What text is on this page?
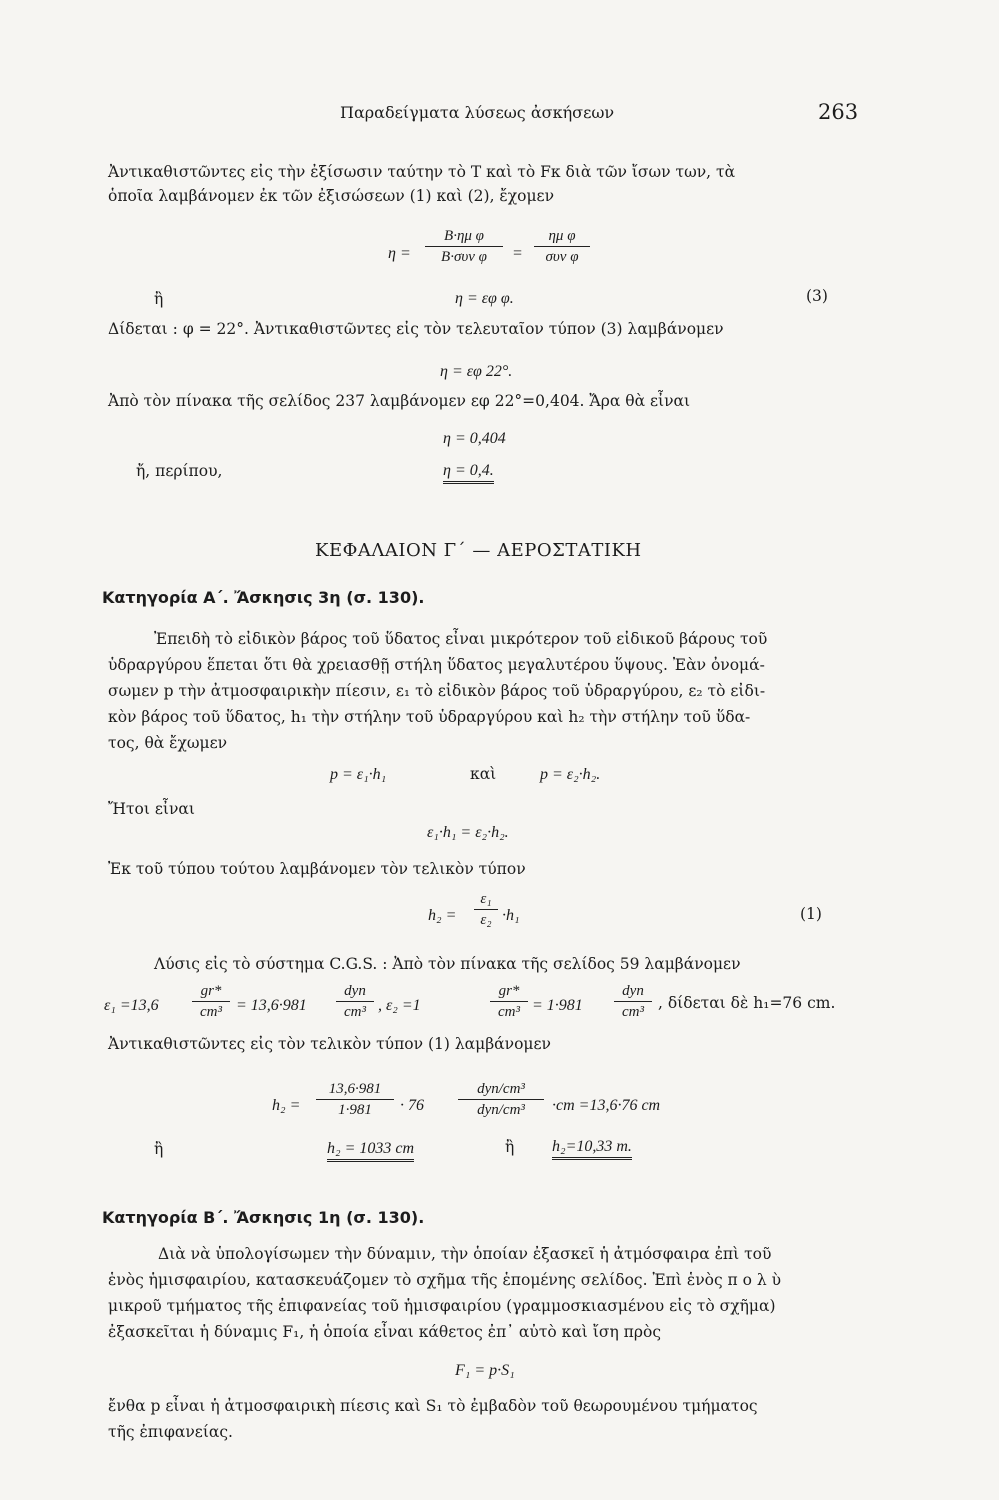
Παραδείγματα λύσεως ἀσκήσεων	263
Ἀντικαθιστῶντες εἰς τὴν ἐξίσωσιν ταύτην τὸ T καὶ τὸ Fκ διὰ τῶν ἴσων των, τὰ
ὁποῖα λαμβάνομεν ἐκ τῶν ἐξισώσεων (1) καὶ (2), ἔχομεν
η =
B·ημ φ
B·συν φ	=
ημ φ
συν φ
ἢ	η = εφ φ.	(3)
Δίδεται : φ = 22°. Ἀντικαθιστῶντες εἰς τὸν τελευταῖον τύπον (3) λαμβάνομεν
η = εφ 22°.
Ἀπὸ τὸν πίνακα τῆς σελίδος 237 λαμβάνομεν εφ 22°=0,404. Ἄρα θὰ εἶναι
η = 0,404
ἤ, περίπου,	η = 0,4.
ΚΕΦΑΛΑΙΟΝ Γ΄ — ΑΕΡΟΣΤΑΤΙΚΗ
Κατηγορία Α΄. Ἄσκησις 3η (σ. 130).
Ἐπειδὴ τὸ εἰδικὸν βάρος τοῦ ὕδατος εἶναι μικρότερον τοῦ εἰδικοῦ βάρους τοῦ
ὑδραργύρου ἕπεται ὅτι θὰ χρειασθῇ στήλη ὕδατος μεγαλυτέρου ὕψους. Ἐὰν ὀνομά-
σωμεν p τὴν ἀτμοσφαιρικὴν πίεσιν, ε₁ τὸ εἰδικὸν βάρος τοῦ ὑδραργύρου, ε₂ τὸ εἰδι-
κὸν βάρος τοῦ ὕδατος, h₁ τὴν στήλην τοῦ ὑδραργύρου καὶ h₂ τὴν στήλην τοῦ ὕδα-
τος, θὰ ἔχωμεν
p = ε₁·h₁	καὶ	p = ε₂·h₂.
Ἤτοι εἶναι
ε₁·h₁ = ε₂·h₂.
Ἐκ τοῦ τύπου τούτου λαμβάνομεν τὸν τελικὸν τύπον
h₂ =
ε₁
ε₂ ·h₁	(1)
Λύσις εἰς τὸ σύστημα C.G.S. : Ἀπὸ τὸν πίνακα τῆς σελίδος 59 λαμβάνομεν
ε₁ =13,6
gr*
cm³ = 13,6·981
dyn
cm³ , ε₂ =1
gr*
cm³ = 1·981
dyn
cm³ , δίδεται δὲ h₁=76 cm.
Ἀντικαθιστῶντες εἰς τὸν τελικὸν τύπον (1) λαμβάνομεν
h₂ =
13,6·981
1·981	· 76
dyn/cm³
dyn/cm³	·cm =13,6·76 cm
ἢ	h₂ = 1033 cm	ἢ h₂=10,33 m.
Κατηγορία Β΄. Ἄσκησις 1η (σ. 130).
Διὰ νὰ ὑπολογίσωμεν τὴν δύναμιν, τὴν ὁποίαν ἐξασκεῖ ἡ ἀτμόσφαιρα ἐπὶ τοῦ
ἑνὸς ἡμισφαιρίου, κατασκευάζομεν τὸ σχῆμα τῆς ἑπομένης σελίδος. Ἐπὶ ἑνὸς π ο λ ὺ
μικροῦ τμήματος τῆς ἐπιφανείας τοῦ ἡμισφαιρίου (γραμμοσκιασμένου εἰς τὸ σχῆμα)
ἐξασκεῖται ἡ δύναμις F₁, ἡ ὁποία εἶναι κάθετος ἐπ᾽ αὐτὸ καὶ ἴση πρὸς
F₁ = p·S₁
ἔνθα p εἶναι ἡ ἀτμοσφαιρικὴ πίεσις καὶ S₁ τὸ ἐμβαδὸν τοῦ θεωρουμένου τμήματος
τῆς ἐπιφανείας.
